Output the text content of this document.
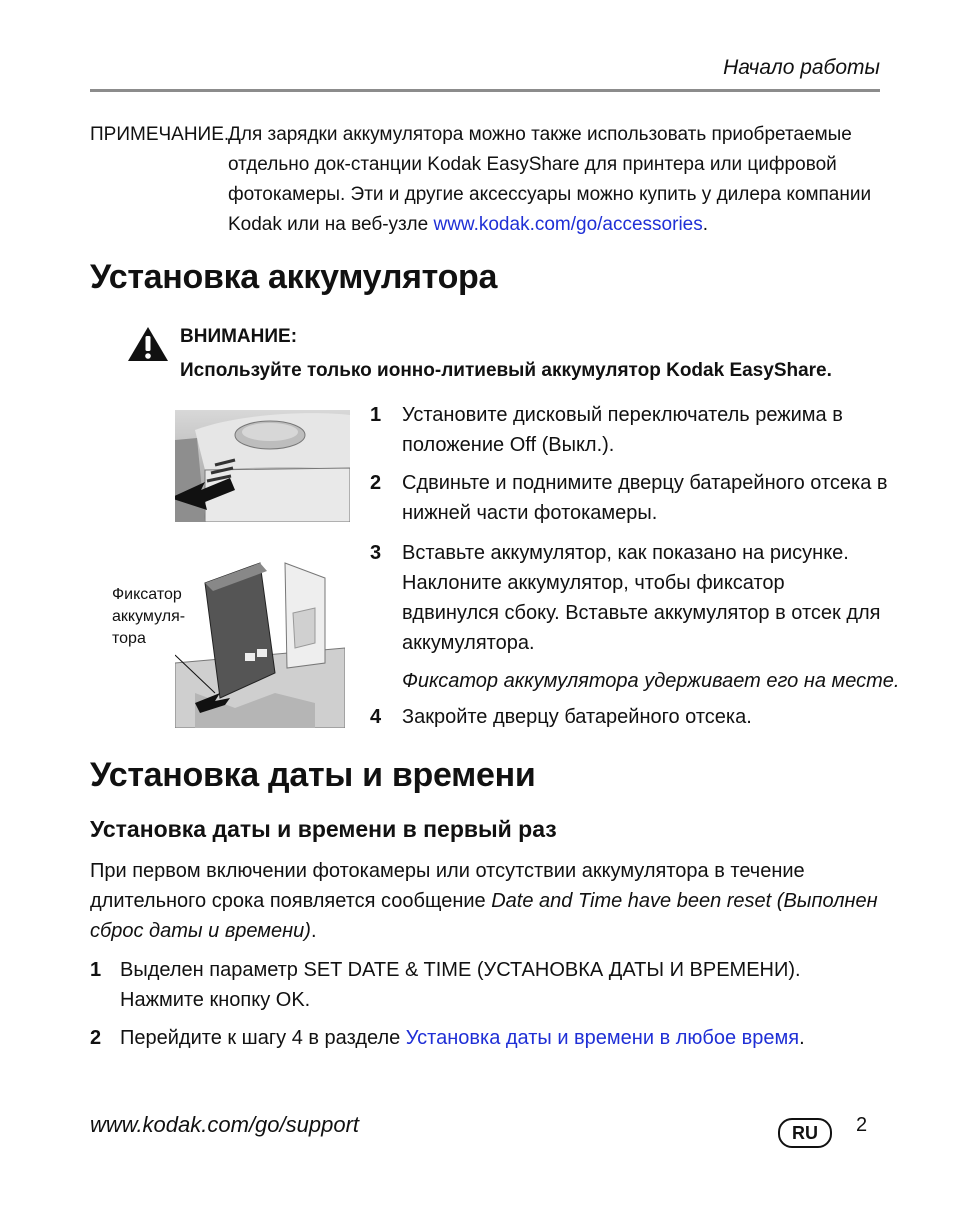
Начало работы
ПРИМЕЧАНИЕ.
Для зарядки аккумулятора можно также использовать приобретаемые отдельно док-станции Kodak EasyShare для принтера или цифровой фотокамеры. Эти и другие аксессуары можно купить у дилера компании Kodak или на веб-узле www.kodak.com/go/accessories.
Установка аккумулятора
ВНИМАНИЕ:
Используйте только ионно-литиевый аккумулятор Kodak EasyShare.
Фиксатор
аккумуля-
тора
1 Установите дисковый переключатель режима в положение Off (Выкл.).
2 Сдвиньте и поднимите дверцу батарейного отсека в нижней части фотокамеры.
3 Вставьте аккумулятор, как показано на рисунке. Наклоните аккумулятор, чтобы фиксатор вдвинулся сбоку. Вставьте аккумулятор в отсек для аккумулятора.
Фиксатор аккумулятора удерживает его на месте.
4 Закройте дверцу батарейного отсека.
Установка даты и времени
Установка даты и времени в первый раз
При первом включении фотокамеры или отсутствии аккумулятора в течение длительного срока появляется сообщение Date and Time have been reset (Выполнен сброс даты и времени).
1 Выделен параметр SET DATE & TIME (УСТАНОВКА ДАТЫ И ВРЕМЕНИ). Нажмите кнопку OK.
2 Перейдите к шагу 4 в разделе Установка даты и времени в любое время.
www.kodak.com/go/support	RU	2
